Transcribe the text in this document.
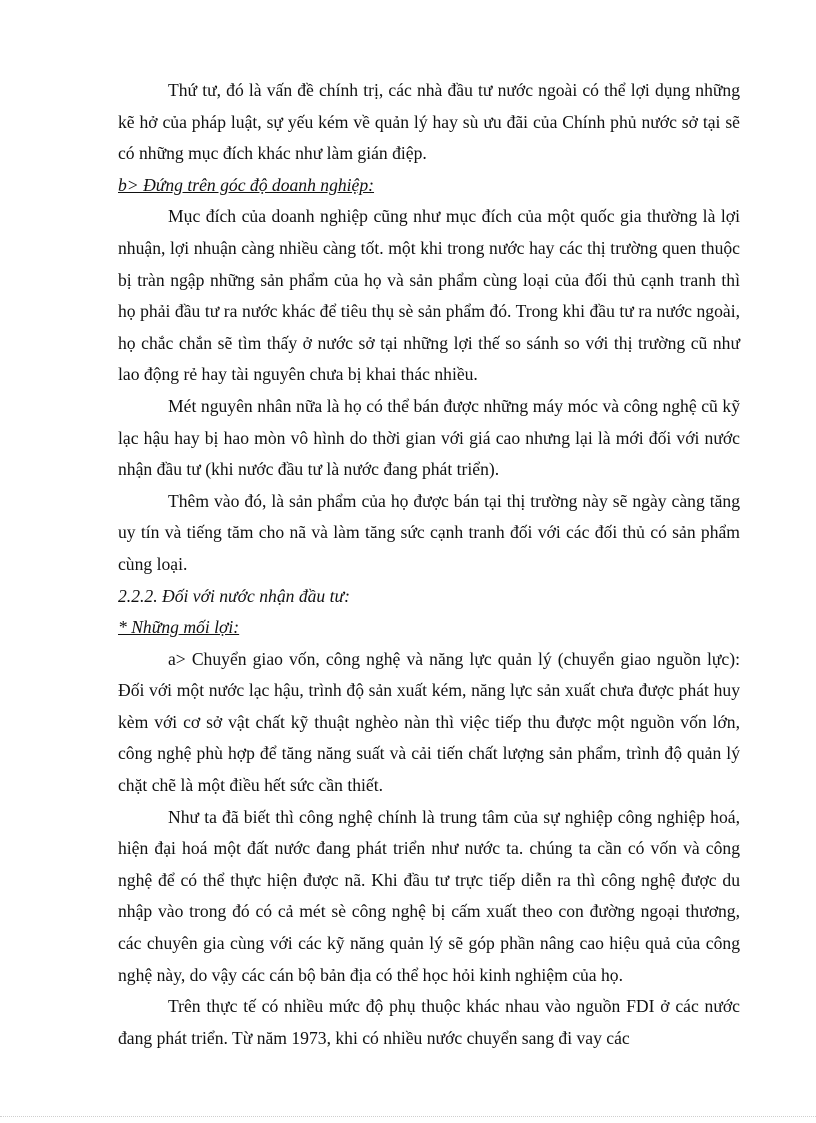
Thứ tư, đó là vấn đề chính trị, các nhà đầu tư nước ngoài có thể lợi dụng những kẽ hở của pháp luật, sự yếu kém về quản lý hay sù ưu đãi của Chính phủ nước sở tại sẽ có những mục đích khác như làm gián điệp.

b> Đứng trên góc độ doanh nghiệp:

Mục đích của doanh nghiệp cũng như mục đích của một quốc gia thường là lợi nhuận, lợi nhuận càng nhiều càng tốt. một khi trong nước hay các thị trường quen thuộc bị tràn ngập những sản phẩm của họ và sản phẩm cùng loại của đối thủ cạnh tranh thì họ phải đầu tư ra nước khác để tiêu thụ sè sản phẩm đó. Trong khi đầu tư ra nước ngoài, họ chắc chắn sẽ tìm thấy ở nước sở tại những lợi thế so sánh so với thị trường cũ như lao động rẻ hay tài nguyên chưa bị khai thác nhiều.

Mét nguyên nhân nữa là họ có thể bán được những máy móc và công nghệ cũ kỹ lạc hậu hay bị hao mòn vô hình do thời gian với giá cao nhưng lại là mới đối với nước nhận đầu tư (khi nước đầu tư là nước đang phát triển).

Thêm vào đó, là sản phẩm của họ được bán tại thị trường này sẽ ngày càng tăng uy tín và tiếng tăm cho nã và làm tăng sức cạnh tranh đối với các đối thủ có sản phẩm cùng loại.

2.2.2. Đối với nước nhận đầu tư:

* Những mối lợi:

a> Chuyển giao vốn, công nghệ và năng lực quản lý (chuyển giao nguồn lực): Đối với một nước lạc hậu, trình độ sản xuất kém, năng lực sản xuất chưa được phát huy kèm với cơ sở vật chất kỹ thuật nghèo nàn thì việc tiếp thu được một nguồn vốn lớn, công nghệ phù hợp để tăng năng suất và cải tiến chất lượng sản phẩm, trình độ quản lý chặt chẽ là một điều hết sức cần thiết.

Như ta đã biết thì công nghệ chính là trung tâm của sự nghiệp công nghiệp hoá, hiện đại hoá một đất nước đang phát triển như nước ta. chúng ta cần có vốn và công nghệ để có thể thực hiện được nã. Khi đầu tư trực tiếp diễn ra thì công nghệ được du nhập vào trong đó có cả mét sè công nghệ bị cấm xuất theo con đường ngoại thương, các chuyên gia cùng với các kỹ năng quản lý sẽ góp phần nâng cao hiệu quả của công nghệ này, do vậy các cán bộ bản địa có thể học hỏi kinh nghiệm của họ.

Trên thực tế có nhiều mức độ phụ thuộc khác nhau vào nguồn FDI ở các nước đang phát triển. Từ năm 1973, khi có nhiều nước chuyển sang đi vay các
